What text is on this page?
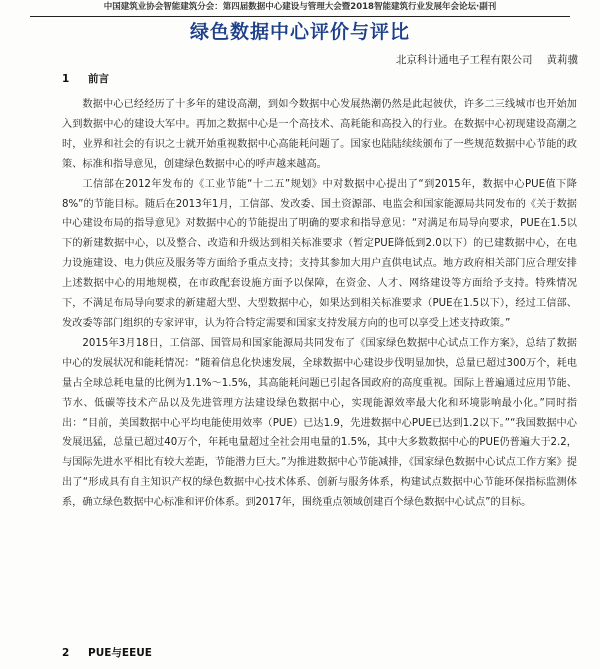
中国建筑业协会智能建筑分会：第四届数据中心建设与管理大会暨2018智能建筑行业发展年会论坛·副刊
绿色数据中心评价与评比
北京科计通电子工程有限公司 黄莉骥
1 前言

数据中心已经经历了十多年的建设高潮，到如今数据中心发展热潮仍然是此起彼伏，许多二三线城市也开始加入到数据中心的建设大军中。再加之数据中心是一个高技术、高耗能和高投入的行业。在数据中心初现建设高潮之时，业界和社会的有识之士就开始重视数据中心高能耗问题了。国家也陆陆续续颁布了一些规范数据中心节能的政策、标准和指导意见，创建绿色数据中心的呼声越来越高。

工信部在2012年发布的《工业节能“十二五”规划》中对数据中心提出了“到2015年，数据中心PUE值下降8%”的节能目标。随后在2013年1月，工信部、发改委、国土资源部、电监会和国家能源局共同发布的《关于数据中心建设布局的指导意见》对数据中心的节能提出了明确的要求和指导意见：“对满足布局导向要求，PUE在1.5以下的新建数据中心，以及整合、改造和升级达到相关标准要求（暂定PUE降低到2.0以下）的已建数据中心，在电力设施建设、电力供应及服务等方面给予重点支持；支持其参加大用户直供电试点。地方政府相关部门应合理安排上述数据中心的用地规模，在市政配套设施方面予以保障，在资金、人才、网络建设等方面给予支持。特殊情况下，不满足布局导向要求的新建超大型、大型数据中心，如果达到相关标准要求（PUE在1.5以下），经过工信部、发改委等部门组织的专家评审，认为符合特定需要和国家支持发展方向的也可以享受上述支持政策。”

2015年3月18日，工信部、国管局和国家能源局共同发布了《国家绿色数据中心试点工作方案》，总结了数据中心的发展状况和能耗情况：“随着信息化快速发展，全球数据中心建设步伐明显加快，总量已超过300万个，耗电量占全球总耗电量的比例为1.1%～1.5%，其高能耗问题已引起各国政府的高度重视。国际上普遍通过应用节能、节水、低碳等技术产品以及先进管理方法建设绿色数据中心，实现能源效率最大化和环境影响最小化。”同时指出：“目前，美国数据中心平均电能使用效率（PUE）已达1.9，先进数据中心PUE已达到1.2以下。”“我国数据中心发展迅猛，总量已超过40万个，年耗电量超过全社会用电量的1.5%，其中大多数数据中心的PUE仍普遍大于2.2，与国际先进水平相比有较大差距，节能潜力巨大。”为推进数据中心节能减排，《国家绿色数据中心试点工作方案》提出了“形成具有自主知识产权的绿色数据中心技术体系、创新与服务体系，构建试点数据中心节能环保指标监测体系，确立绿色数据中心标准和评价体系。到2017年，围绕重点领域创建百个绿色数据中心试点”的目标。

2 PUE与EEUE
